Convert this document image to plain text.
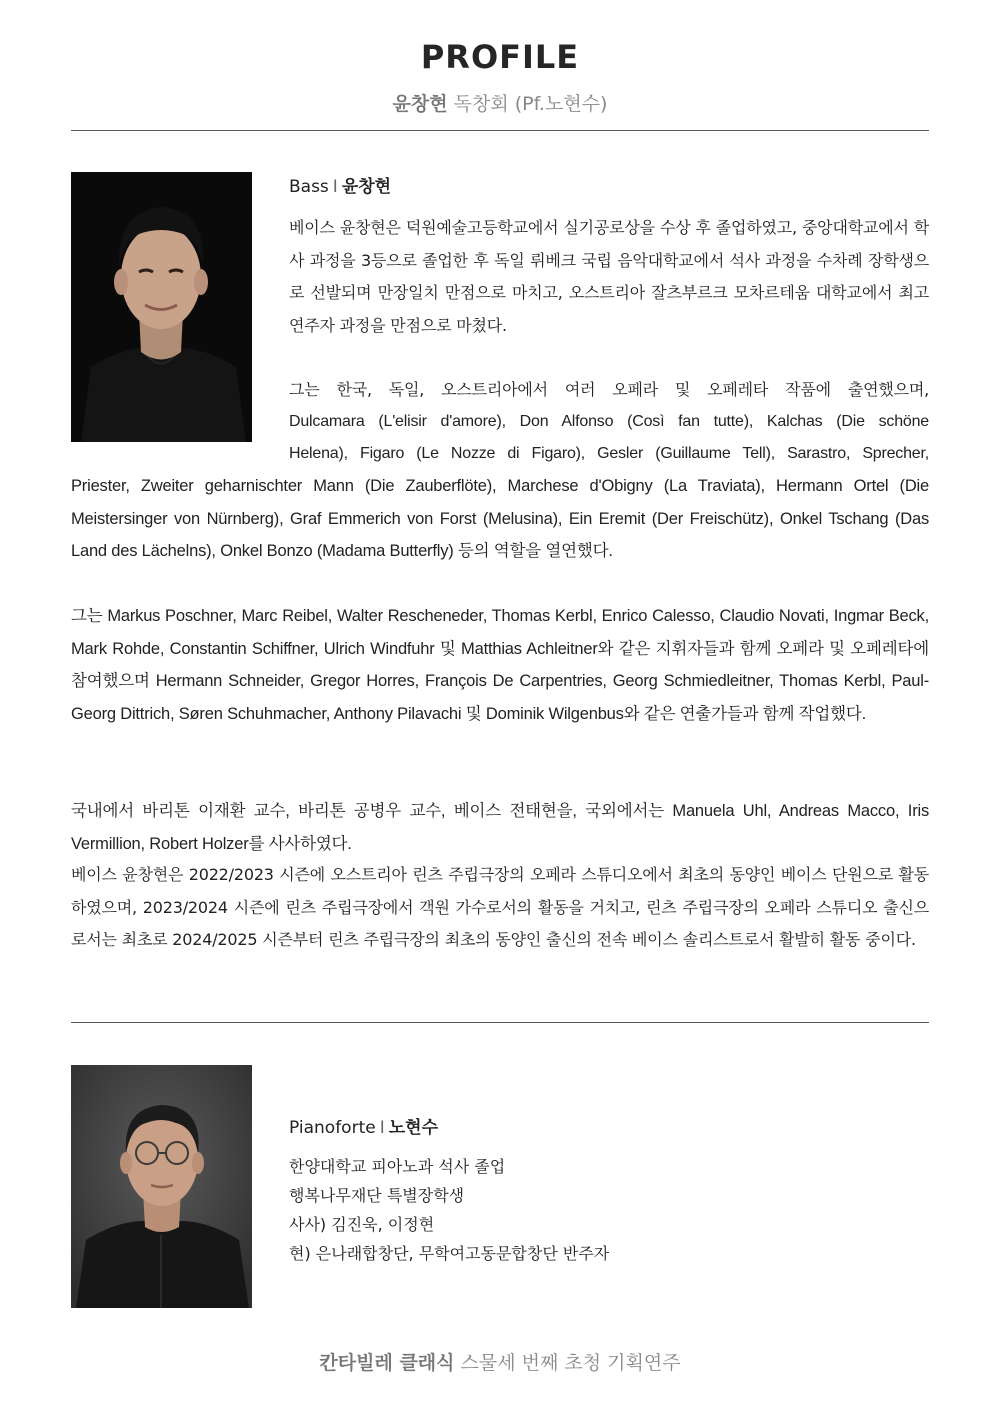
PROFILE
윤창현 독창회 (Pf.노현수)
Bass I 윤창현

베이스 윤창현은 덕원예술고등학교에서 실기공로상을 수상 후 졸업하였고, 중앙대학교에서 학사 과정을 3등으로 졸업한 후 독일 뤼베크 국립 음악대학교에서 석사 과정을 수차례 장학생으로 선발되며 만장일치 만점으로 마치고, 오스트리아 잘츠부르크 모차르테움 대학교에서 최고 연주자 과정을 만점으로 마쳤다.

그는 한국, 독일, 오스트리아에서 여러 오페라 및 오페레타 작품에 출연했으며,
Dulcamara (L'elisir d'amore), Don Alfonso (Così fan tutte), Kalchas (Die schöne
Helena), Figaro (Le Nozze di Figaro), Gesler (Guillaume Tell), Sarastro, Sprecher,

Priester, Zweiter geharnischter Mann (Die Zauberflöte), Marchese d'Obigny (La Traviata), Hermann Ortel (Die Meistersinger von Nürnberg), Graf Emmerich von Forst (Melusina), Ein Eremit (Der Freischütz), Onkel Tschang (Das Land des Lächelns), Onkel Bonzo (Madama Butterfly) 등의 역할을 열연했다.

그는 Markus Poschner, Marc Reibel, Walter Rescheneder, Thomas Kerbl, Enrico Calesso, Claudio Novati, Ingmar Beck, Mark Rohde, Constantin Schiffner, Ulrich Windfuhr 및 Matthias Achleitner와 같은 지휘자들과 함께 오페라 및 오페레타에 참여했으며 Hermann Schneider, Gregor Horres, François De Carpentries, Georg Schmiedleitner, Thomas Kerbl, Paul-Georg Dittrich, Søren Schuhmacher, Anthony Pilavachi 및 Dominik Wilgenbus와 같은 연출가들과 함께 작업했다.

국내에서 바리톤 이재환 교수, 바리톤 공병우 교수, 베이스 전태현을, 국외에서는 Manuela Uhl, Andreas Macco, Iris Vermillion, Robert Holzer를 사사하였다.

베이스 윤창현은 2022/2023 시즌에 오스트리아 린츠 주립극장의 오페라 스튜디오에서 최초의 동양인 베이스 단원으로 활동하였으며, 2023/2024 시즌에 린츠 주립극장에서 객원 가수로서의 활동을 거치고, 린츠 주립극장의 오페라 스튜디오 출신으로서는 최초로 2024/2025 시즌부터 린츠 주립극장의 최초의 동양인 출신의 전속 베이스 솔리스트로서 활발히 활동 중이다.

Pianoforte I 노현수
한양대학교 피아노과 석사 졸업
행복나무재단 특별장학생
사사) 김진욱, 이정현
현) 은나래합창단, 무학여고동문합창단 반주자
칸타빌레 클래식 스물세 번째 초청 기획연주
